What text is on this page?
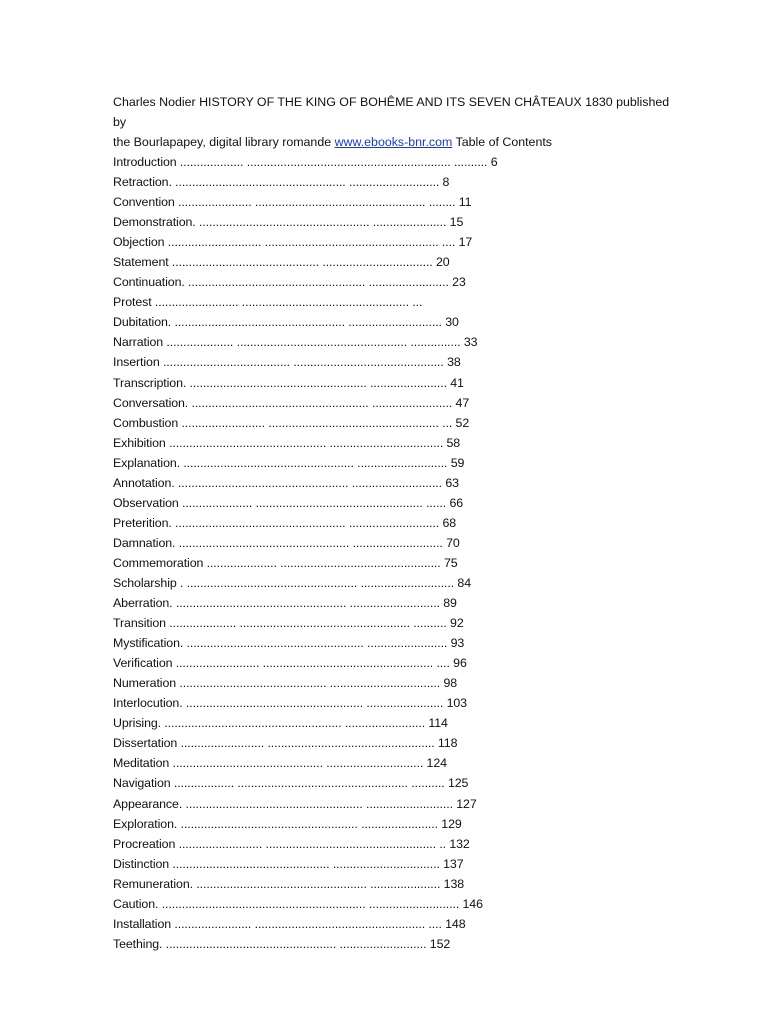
Charles Nodier HISTORY OF THE KING OF BOHÊME AND ITS SEVEN CHÂTEAUX 1830 published by
the Bourlapapey, digital library romande www.ebooks-bnr.com Table of Contents

Introduction ................... ............................................................. .......... 6
Retraction. ................................................... ........................... 8
Convention ...................... ................................................... ........ 11
Demonstration. ................................................... ...................... 15
Objection ............................ .................................................... .... 17
Statement ............................................ ................................. 20
Continuation. ..................................................... ........................ 23
Protest ......................... .................................................. ...
Dubitation. ................................................... ............................ 30
Narration .................... ................................................... ............... 33
Insertion ...................................... ............................................. 38
Transcription. ..................................................... ....................... 41
Conversation. ..................................................... ........................ 47
Combustion ......................... ................................................... ... 52
Exhibition ............................................... .................................. 58
Explanation. ................................................... ........................... 59
Annotation. ................................................... ........................... 63
Observation ..................... .................................................. ...... 66
Preterition. ................................................... ........................... 68
Damnation. ................................................... ........................... 70
Commemoration ..................... ................................................ 75
Scholarship . ................................................... ............................ 84
Aberration. ................................................... ........................... 89
Transition .................... ................................................... .......... 92
Mystification. ..................................................... ........................ 93
Verification ......................... ................................................... .... 96
Numeration ............................................ ................................. 98
Interlocution. ..................................................... ....................... 103
Uprising. ..................................................... ........................ 114
Dissertation ......................... .................................................. 118
Meditation ............................................. ............................. 124
Navigation .................. ................................................... .......... 125
Appearance. ..................................................... .......................... 127
Exploration. ..................................................... ....................... 129
Procreation ......................... ................................................... .. 132
Distinction ............................................... ................................ 137
Remuneration. ................................................... ..................... 138
Caution. ............................................................. ........................... 146
Installation ....................... ................................................... .... 148
Teething. ................................................... .......................... 152
